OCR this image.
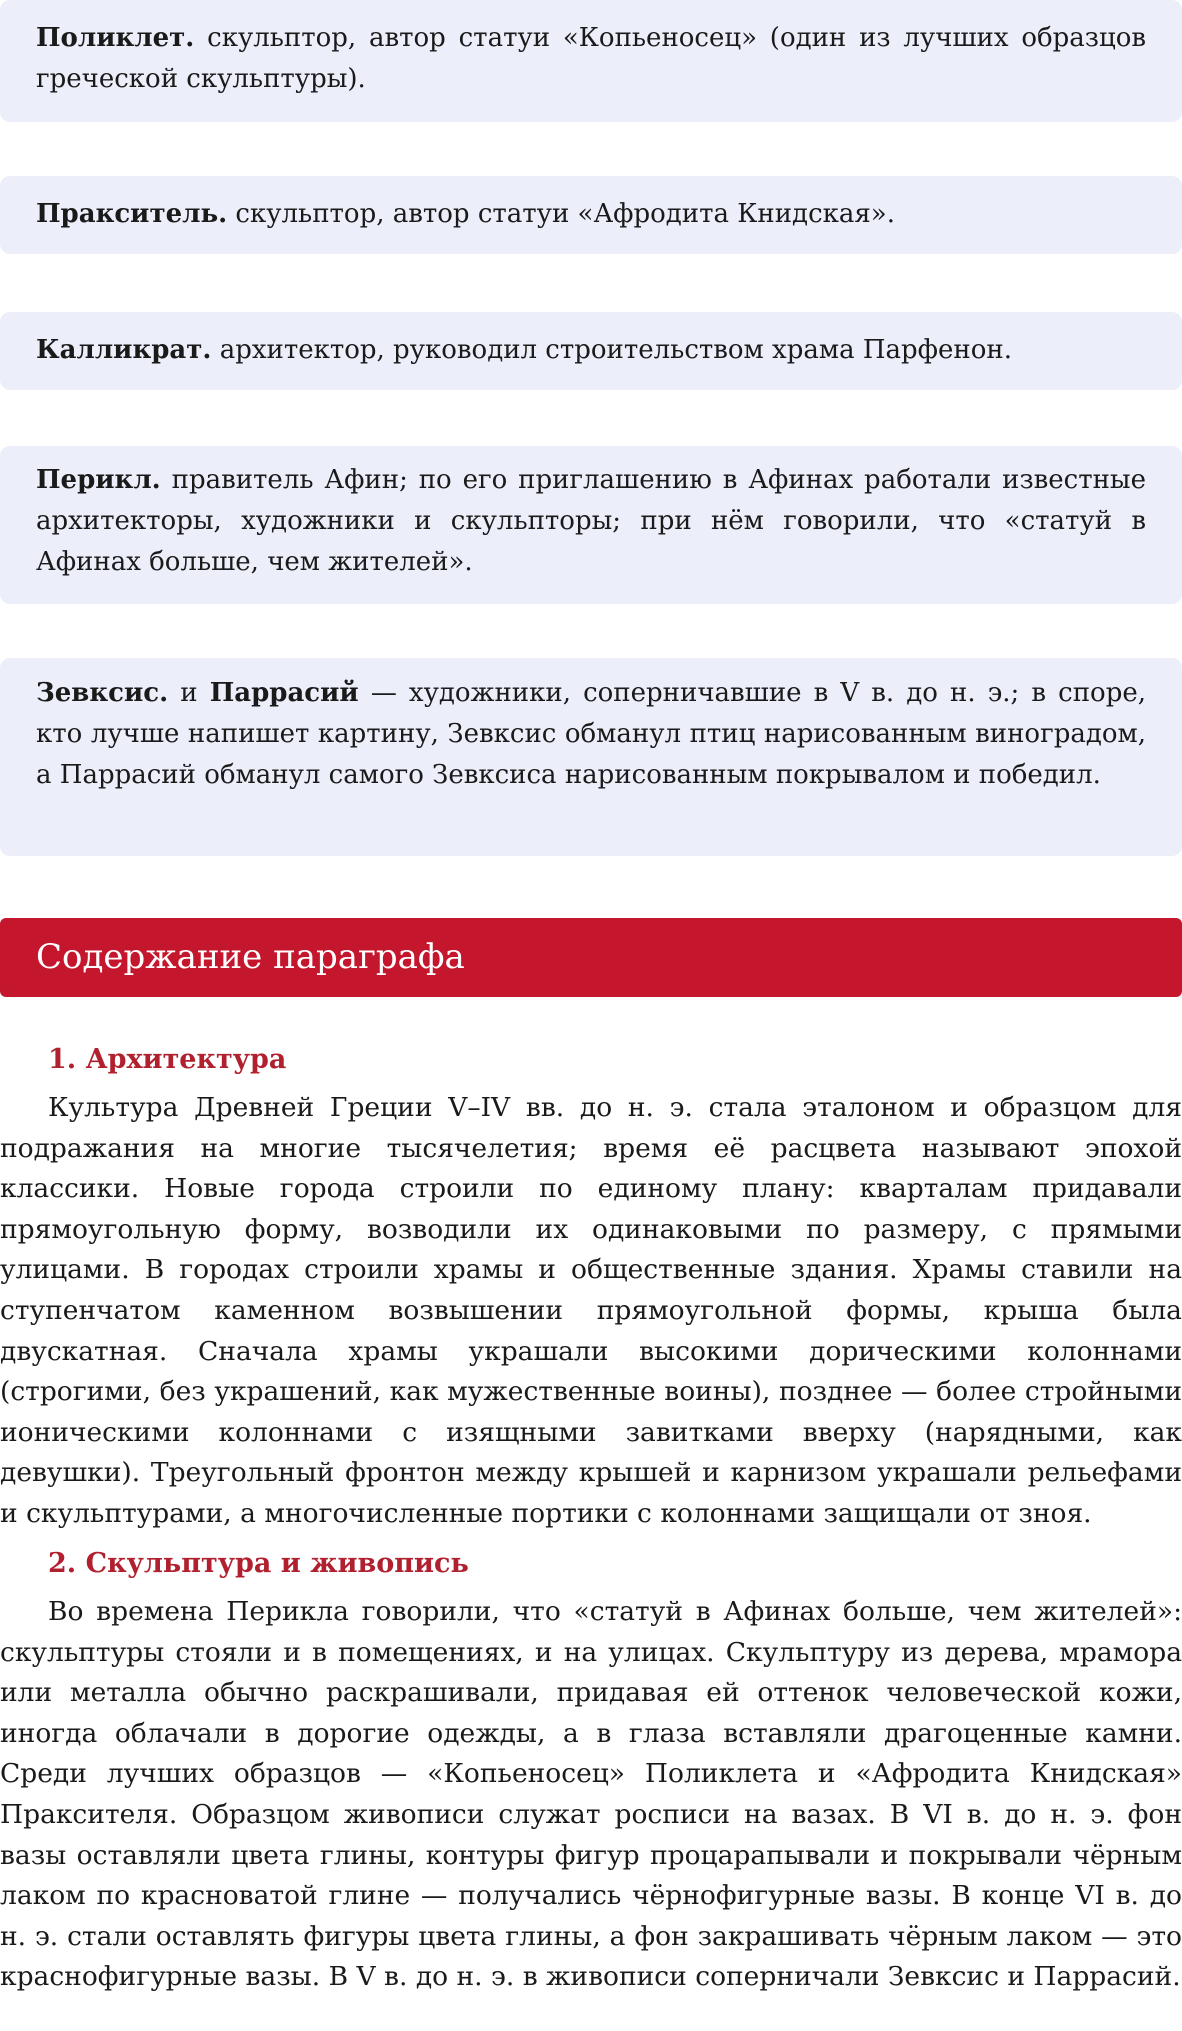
Поликлет. скульптор, автор статуи «Копьеносец» (один из лучших образцов греческой скульптуры).
Пракситель. скульптор, автор статуи «Афродита Книдская».
Калликрат. архитектор, руководил строительством храма Парфенон.
Перикл. правитель Афин; по его приглашению в Афинах работали известные архитекторы, художники и скульпторы; при нём говорили, что «статуй в Афинах больше, чем жителей».
Зевксис. и Паррасий — художники, соперничавшие в V в. до н. э.; в споре, кто лучше напишет картину, Зевксис обманул птиц нарисованным виноградом, а Паррасий обманул самого Зевксиса нарисованным покрывалом и победил.
Содержание параграфа
1. Архитектура
Культура Древней Греции V–IV вв. до н. э. стала эталоном и образцом для подражания на многие тысячелетия; время её расцвета называют эпохой классики. Новые города строили по единому плану: кварталам придавали прямоугольную форму, возводили их одинаковыми по размеру, с прямыми улицами. В городах строили храмы и общественные здания. Храмы ставили на ступенчатом каменном возвышении прямоугольной формы, крыша была двускатная. Сначала храмы украшали высокими дорическими колоннами (строгими, без украшений, как мужественные воины), позднее — более стройными ионическими колоннами с изящными завитками вверху (нарядными, как девушки). Треугольный фронтон между крышей и карнизом украшали рельефами и скульптурами, а многочисленные портики с колоннами защищали от зноя.
2. Скульптура и живопись
Во времена Перикла говорили, что «статуй в Афинах больше, чем жителей»: скульптуры стояли и в помещениях, и на улицах. Скульптуру из дерева, мрамора или металла обычно раскрашивали, придавая ей оттенок человеческой кожи, иногда облачали в дорогие одежды, а в глаза вставляли драгоценные камни. Среди лучших образцов — «Копьеносец» Поликлета и «Афродита Книдская» Праксителя. Образцом живописи служат росписи на вазах. В VI в. до н. э. фон вазы оставляли цвета глины, контуры фигур процарапывали и покрывали чёрным лаком по красноватой глине — получались чёрнофигурные вазы. В конце VI в. до н. э. стали оставлять фигуры цвета глины, а фон закрашивать чёрным лаком — это краснофигурные вазы. В V в. до н. э. в живописи соперничали Зевксис и Паррасий.
